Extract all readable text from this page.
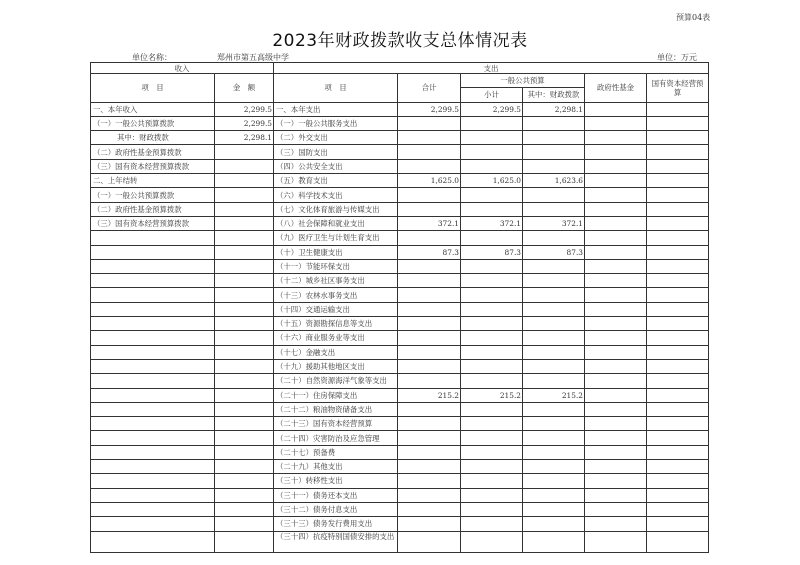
预算04表
2023年财政拨款收支总体情况表
单位名称：	郑州市第五高级中学	单位：万元
收入		支出					
项　目	金　额	项　目	合计	一般公共预算		政府性基金	国有资本经营预算
				小计	其中：财政拨款		
一、本年收入	2,299.5	一、本年支出	2,299.5	2,299.5	2,298.1		
（一）一般公共预算拨款	2,299.5	（一）一般公共服务支出					
其中：财政拨款	2,298.1	（二）外交支出					
（二）政府性基金预算拨款		（三）国防支出					
（三）国有资本经营预算拨款		（四）公共安全支出					
二、上年结转		（五）教育支出	1,625.0	1,625.0	1,623.6		
（一）一般公共预算拨款		（六）科学技术支出					
（二）政府性基金预算拨款		（七）文化体育旅游与传媒支出					
（三）国有资本经营预算拨款		（八）社会保障和就业支出	372.1	372.1	372.1		
		（九）医疗卫生与计划生育支出					
		（十）卫生健康支出	87.3	87.3	87.3		
		（十一）节能环保支出					
		（十二）城乡社区事务支出					
		（十三）农林水事务支出					
		（十四）交通运输支出					
		（十五）资源勘探信息等支出					
		（十六）商业服务业等支出					
		（十七）金融支出					
		（十九）援助其他地区支出					
		（二十）自然资源海洋气象等支出					
		（二十一）住房保障支出	215.2	215.2	215.2		
		（二十二）粮油物资储备支出					
		（二十三）国有资本经营预算					
		（二十四）灾害防治及应急管理					
		（二十七）预备费					
		（二十九）其他支出					
		（三十）转移性支出					
		（三十一）债务还本支出					
		（三十二）债务付息支出					
		（三十三）债务发行费用支出					
		（三十四）抗疫特别国债安排的支出					
